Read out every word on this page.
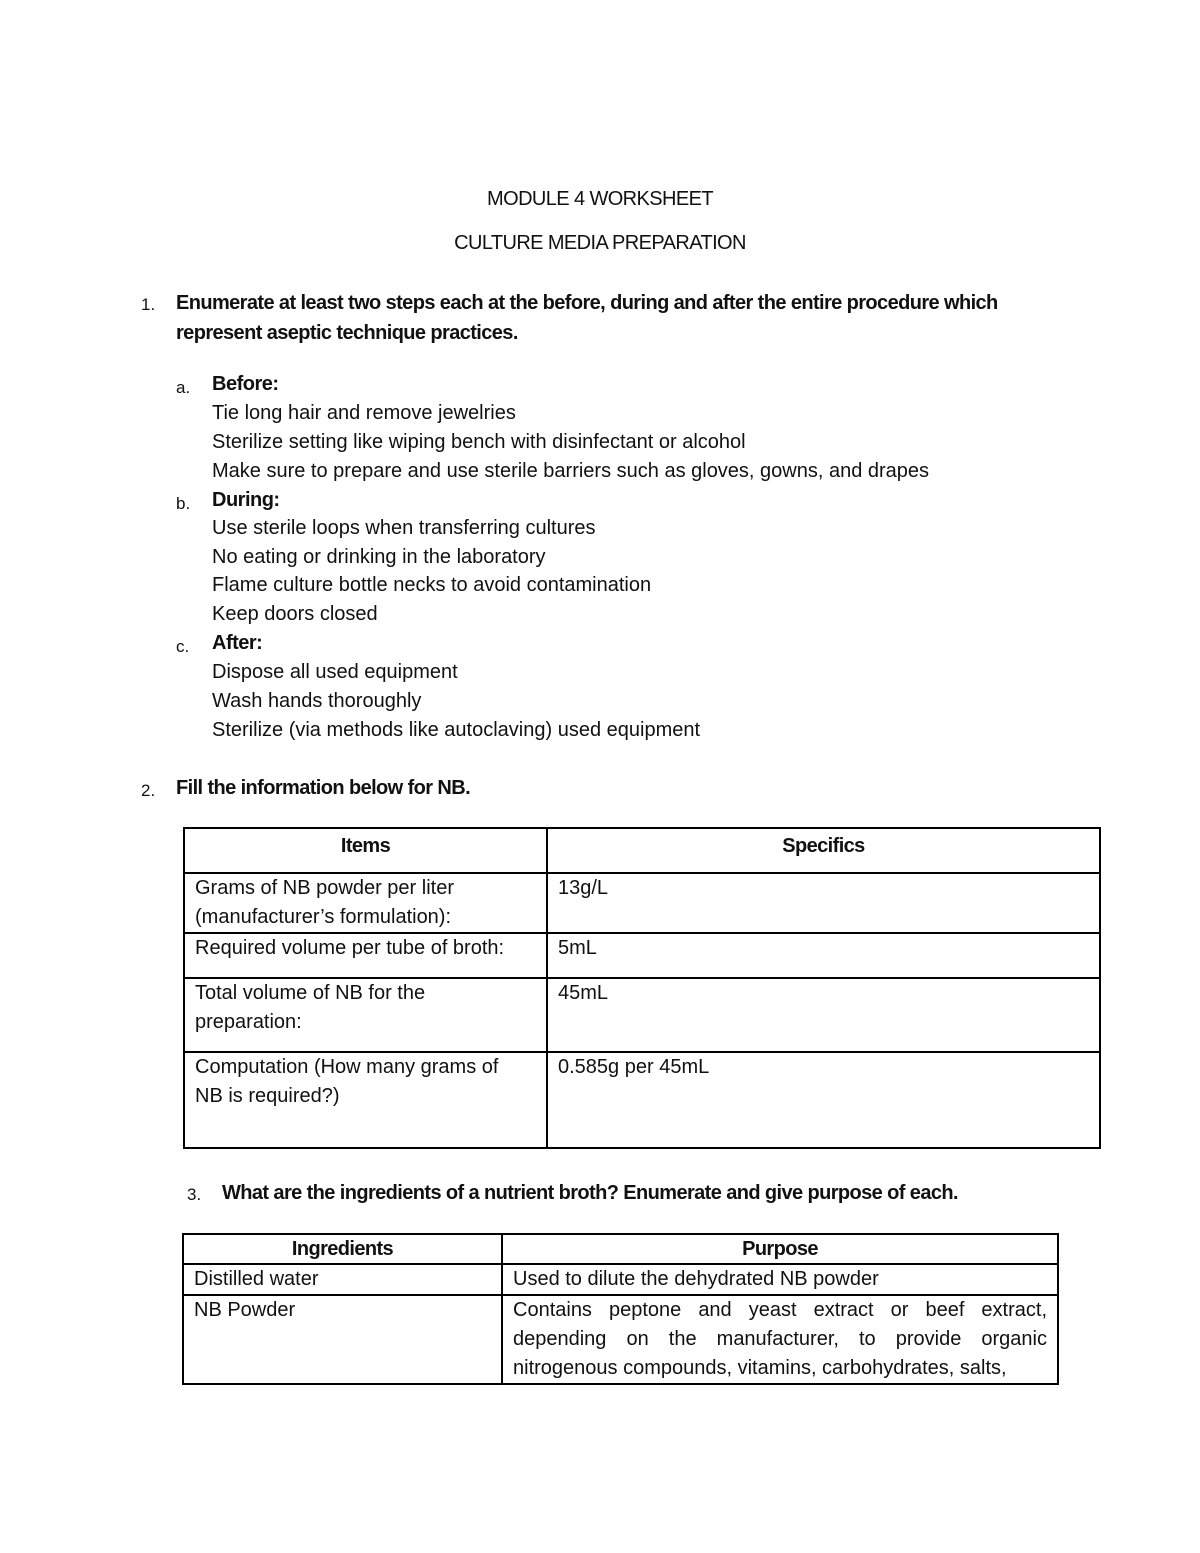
MODULE 4 WORKSHEET
CULTURE MEDIA PREPARATION
1. Enumerate at least two steps each at the before, during and after the entire procedure which
represent aseptic technique practices.
a. Before:
Tie long hair and remove jewelries
Sterilize setting like wiping bench with disinfectant or alcohol
Make sure to prepare and use sterile barriers such as gloves, gowns, and drapes
b. During:
Use sterile loops when transferring cultures
No eating or drinking in the laboratory
Flame culture bottle necks to avoid contamination
Keep doors closed
c. After:
Dispose all used equipment
Wash hands thoroughly
Sterilize (via methods like autoclaving) used equipment
2. Fill the information below for NB.
Items	Specifics

Grams of NB powder per liter
(manufacturer’s formulation):	13g/L

Required volume per tube of broth:	5mL

Total volume of NB for the
preparation:	45mL

Computation (How many grams of
NB is required?)	0.585g per 45mL
3. What are the ingredients of a nutrient broth? Enumerate and give purpose of each.
Ingredients	Purpose
Distilled water	Used to dilute the dehydrated NB powder
NB Powder	Contains peptone and yeast extract or beef extract, depending on the manufacturer, to provide organic nitrogenous compounds, vitamins, carbohydrates, salts,
